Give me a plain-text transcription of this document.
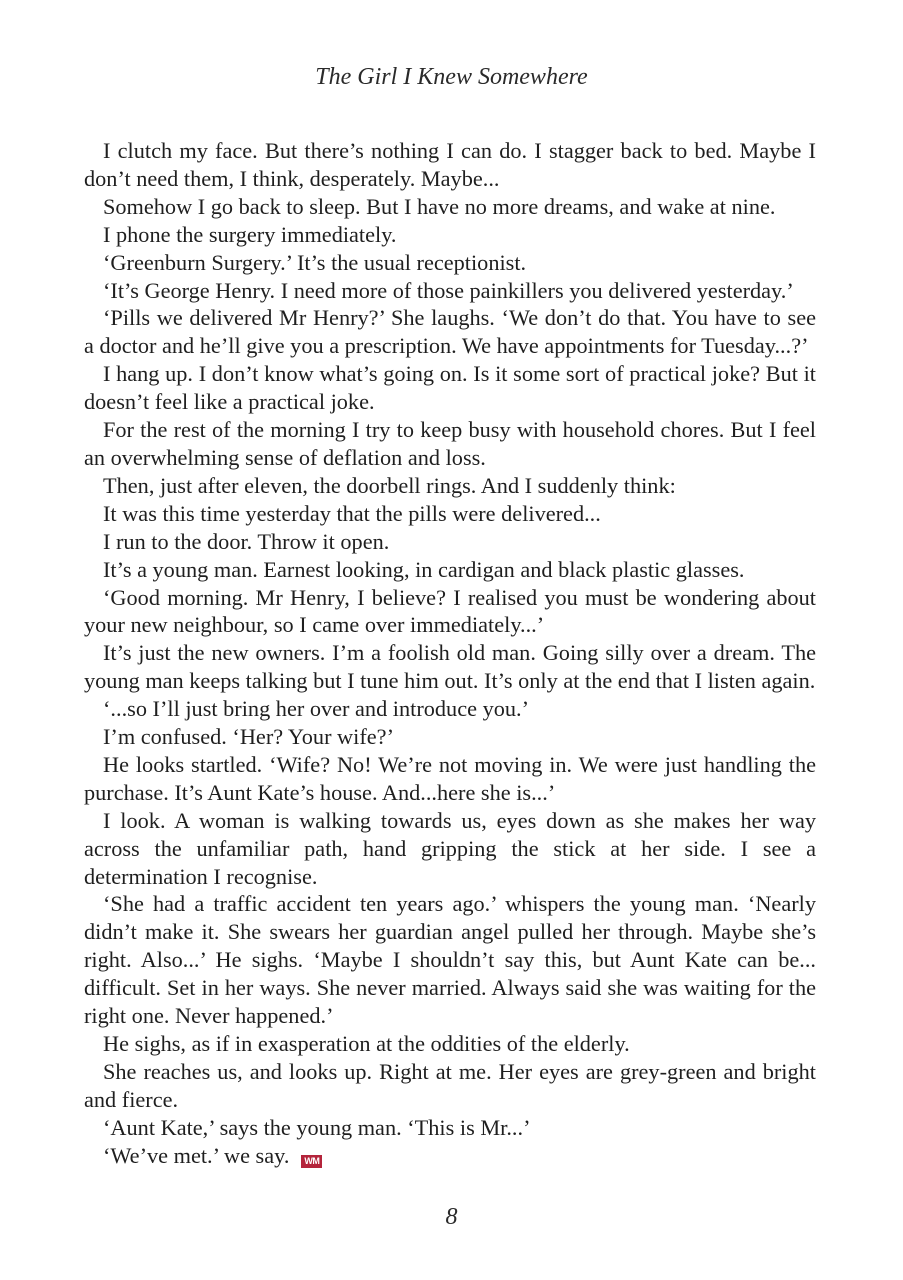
The Girl I Knew Somewhere

I clutch my face. But there’s nothing I can do. I stagger back to bed. Maybe I don’t need them, I think, desperately. Maybe...

Somehow I go back to sleep. But I have no more dreams, and wake at nine.

I phone the surgery immediately.

‘Greenburn Surgery.’ It’s the usual receptionist.

‘It’s George Henry. I need more of those painkillers you delivered yesterday.’

‘Pills we delivered Mr Henry?’ She laughs. ‘We don’t do that. You have to see a doctor and he’ll give you a prescription. We have appointments for Tuesday...?’

I hang up. I don’t know what’s going on. Is it some sort of practical joke? But it doesn’t feel like a practical joke.

For the rest of the morning I try to keep busy with household chores. But I feel an overwhelming sense of deflation and loss.

Then, just after eleven, the doorbell rings. And I suddenly think:

It was this time yesterday that the pills were delivered...

I run to the door. Throw it open.

It’s a young man. Earnest looking, in cardigan and black plastic glasses.

‘Good morning. Mr Henry, I believe? I realised you must be wondering about your new neighbour, so I came over immediately...’

It’s just the new owners. I’m a foolish old man. Going silly over a dream. The young man keeps talking but I tune him out. It’s only at the end that I listen again.

‘...so I’ll just bring her over and introduce you.’

I’m confused. ‘Her? Your wife?’

He looks startled. ‘Wife? No! We’re not moving in. We were just handling the purchase. It’s Aunt Kate’s house. And...here she is...’

I look. A woman is walking towards us, eyes down as she makes her way across the unfamiliar path, hand gripping the stick at her side. I see a determination I recognise.

‘She had a traffic accident ten years ago.’ whispers the young man. ‘Nearly didn’t make it. She swears her guardian angel pulled her through. Maybe she’s right. Also...’ He sighs. ‘Maybe I shouldn’t say this, but Aunt Kate can be... difficult. Set in her ways. She never married. Always said she was waiting for the right one. Never happened.’

He sighs, as if in exasperation at the oddities of the elderly.

She reaches us, and looks up. Right at me. Her eyes are grey-green and bright and fierce.

‘Aunt Kate,’ says the young man. ‘This is Mr...’

‘We’ve met.’ we say. WM

8
